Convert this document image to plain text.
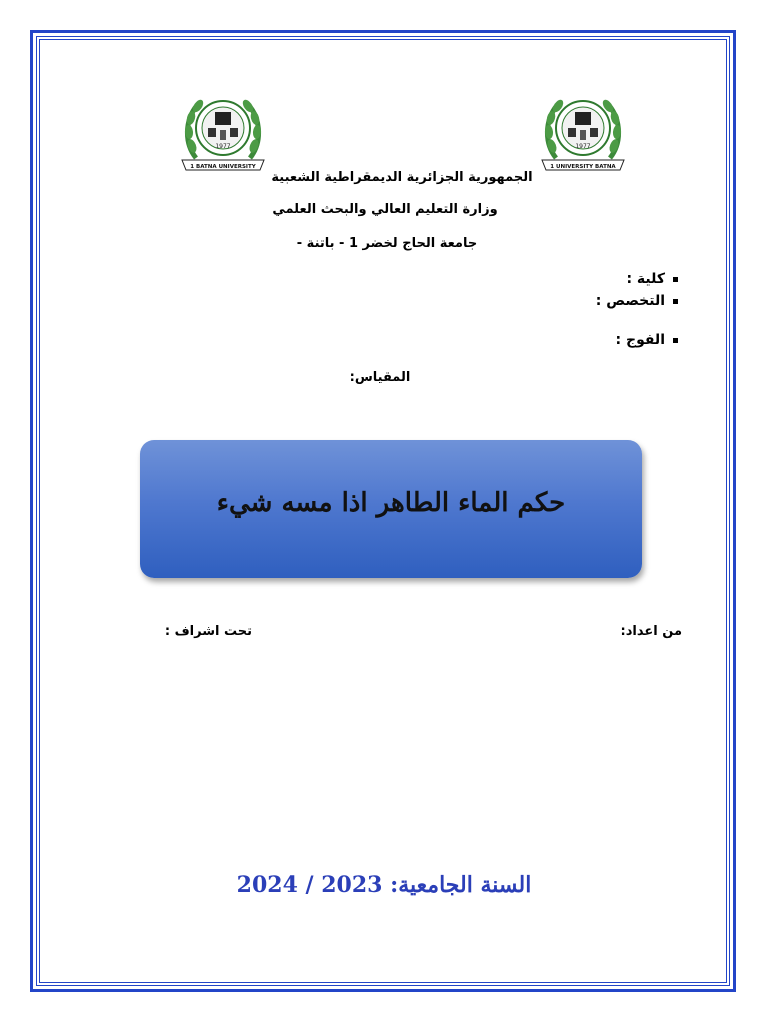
1977
1 BATNA UNIVERSITY
1977
1 UNIVERSITY BATNA
الجمهورية الجزائرية الديمقراطية الشعبية
وزارة التعليم العالي والبحث العلمي
جامعة الحاج لخضر 1 - باتنة -
كلية :
التخصص :
الفوج :
المقياس:
حكم الماء الطاهر اذا مسه شيء
من اعداد:
تحت اشراف :
السنة الجامعية: 2023 / 2024
